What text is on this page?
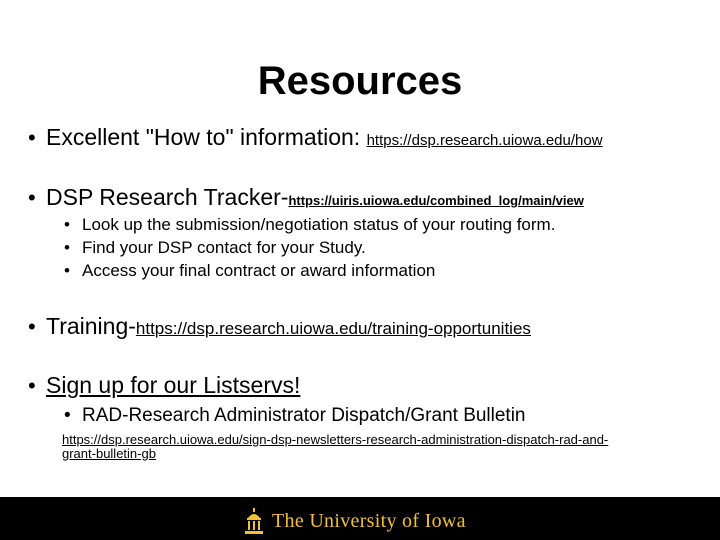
Resources
• Excellent "How to" information: https://dsp.research.uiowa.edu/how
• DSP Research Tracker-https://uiris.uiowa.edu/combined_log/main/view
• Look up the submission/negotiation status of your routing form.
• Find your DSP contact for your Study.
• Access your final contract or award information
• Training-https://dsp.research.uiowa.edu/training-opportunities
• Sign up for our Listservs!
• RAD-Research Administrator Dispatch/Grant Bulletin
https://dsp.research.uiowa.edu/sign-dsp-newsletters-research-administration-dispatch-rad-and-
grant-bulletin-gb
The University of Iowa
